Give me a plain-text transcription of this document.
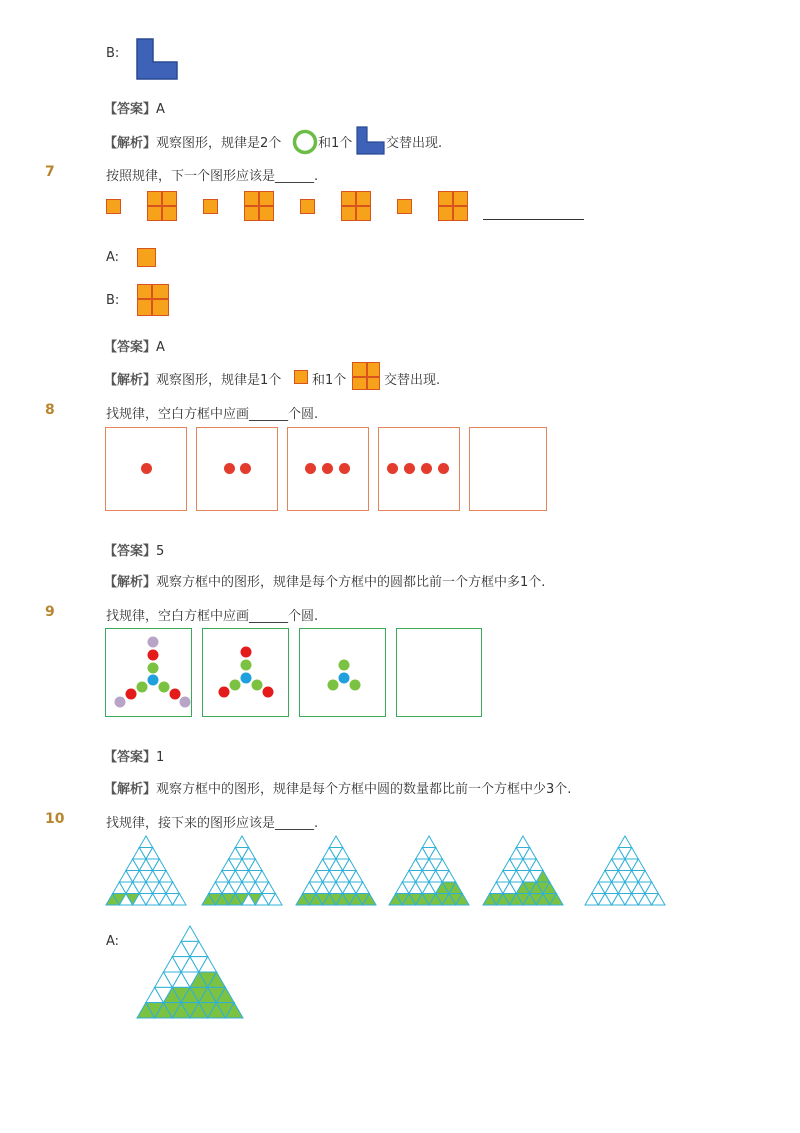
B:
【答案】A
【解析】观察图形，规律是2个	和1个	交替出现.
7	按照规律，下一个图形应该是______.
A:
B:
【答案】A
【解析】观察图形，规律是1个 和1个	交替出现.
8	找规律，空白方框中应画______个圆.
【答案】5
【解析】观察方框中的图形，规律是每个方框中的圆都比前一个方框中多1个.
9	找规律，空白方框中应画______个圆.
【答案】1
【解析】观察方框中的图形，规律是每个方框中圆的数量都比前一个方框中少3个.
10	找规律，接下来的图形应该是______.
A:
